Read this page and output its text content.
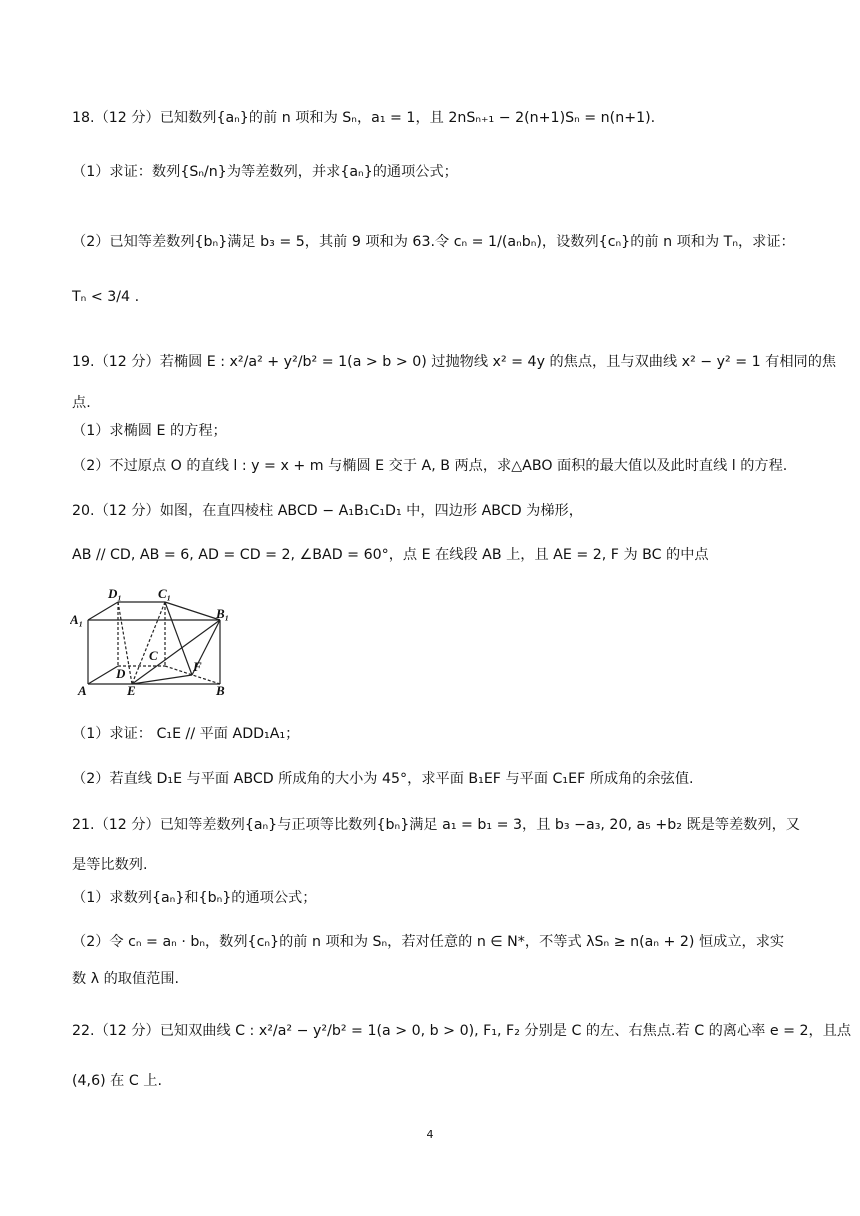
18.（12 分）已知数列{aₙ}的前 n 项和为 Sₙ，a₁ = 1，且 2nSₙ₊₁ − 2(n+1)Sₙ = n(n+1).
（1）求证：数列{Sₙ/n}为等差数列，并求{aₙ}的通项公式；
（2）已知等差数列{bₙ}满足 b₃ = 5，其前 9 项和为 63.令 cₙ = 1/(aₙbₙ)，设数列{cₙ}的前 n 项和为 Tₙ，求证：
Tₙ < 3/4 .
19.（12 分）若椭圆 E : x²/a² + y²/b² = 1(a > b > 0) 过抛物线 x² = 4y 的焦点，且与双曲线 x² − y² = 1 有相同的焦
点.
（1）求椭圆 E 的方程；
（2）不过原点 O 的直线 l : y = x + m 与椭圆 E 交于 A, B 两点，求△ABO 面积的最大值以及此时直线 l 的方程.
20.（12 分）如图，在直四棱柱 ABCD − A₁B₁C₁D₁ 中，四边形 ABCD 为梯形，
AB // CD, AB = 6, AD = CD = 2, ∠BAD = 60°，点 E 在线段 AB 上，且 AE = 2, F 为 BC 的中点
D₁	C₁
A₁	B₁
C
F
D
A	E	B
（1）求证： C₁E // 平面 ADD₁A₁；
（2）若直线 D₁E 与平面 ABCD 所成角的大小为 45°，求平面 B₁EF 与平面 C₁EF 所成角的余弦值.
21.（12 分）已知等差数列{aₙ}与正项等比数列{bₙ}满足 a₁ = b₁ = 3，且 b₃ −a₃, 20, a₅ +b₂ 既是等差数列，又
是等比数列.
（1）求数列{aₙ}和{bₙ}的通项公式；
（2）令 cₙ = aₙ · bₙ，数列{cₙ}的前 n 项和为 Sₙ，若对任意的 n ∈ N*，不等式 λSₙ ≥ n(aₙ + 2) 恒成立，求实
数 λ 的取值范围.
22.（12 分）已知双曲线 C : x²/a² − y²/b² = 1(a > 0, b > 0), F₁, F₂ 分别是 C 的左、右焦点.若 C 的离心率 e = 2，且点
(4,6) 在 C 上.
4
